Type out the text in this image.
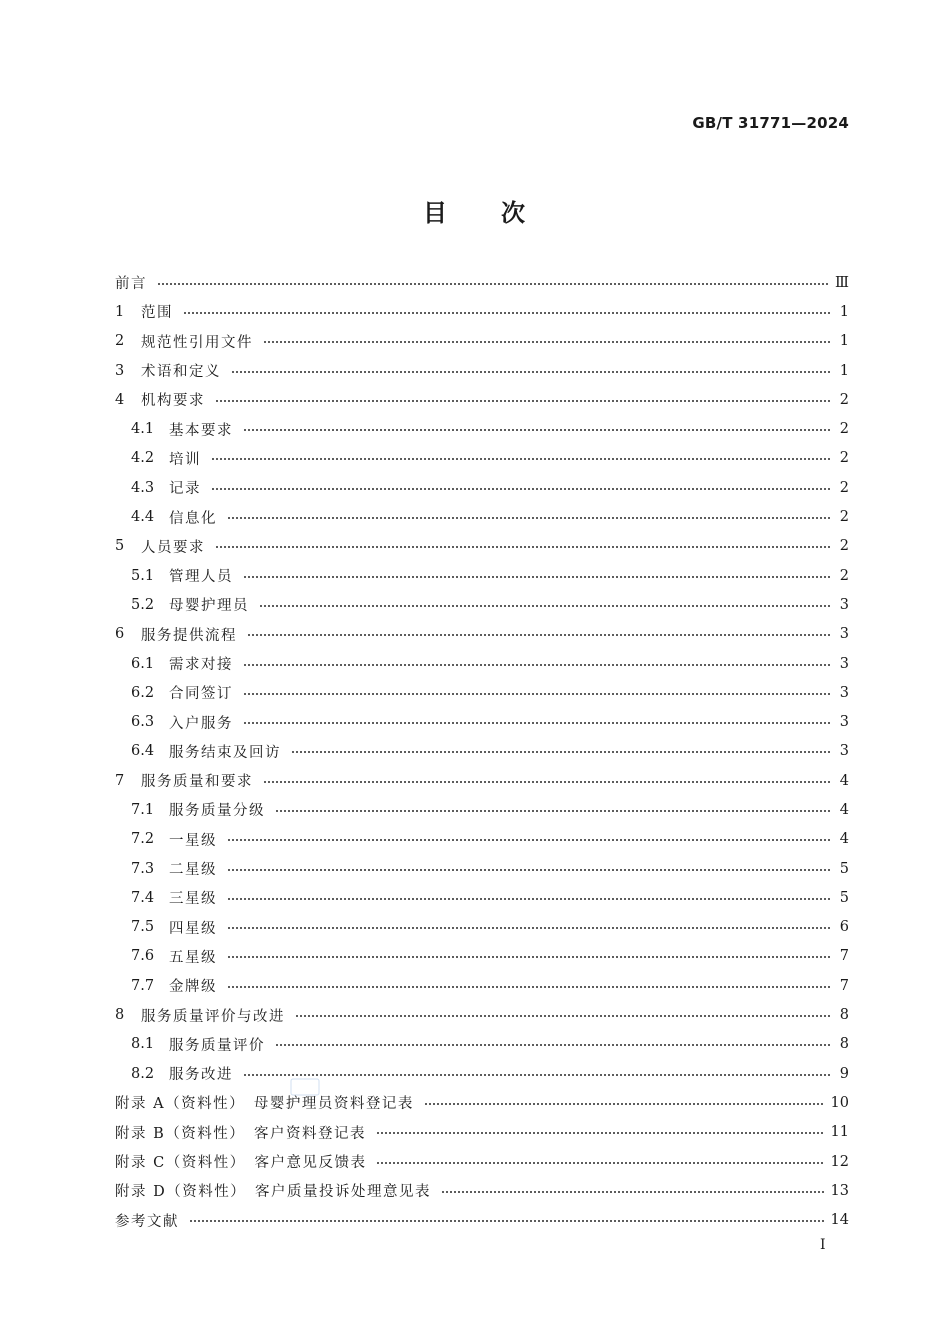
GB/T 31771—2024
目　　次
前言	Ⅲ
1	范围	1
2	规范性引用文件	1
3	术语和定义	1
4	机构要求	2
4.1	基本要求	2
4.2	培训	2
4.3	记录	2
4.4	信息化	2
5	人员要求	2
5.1	管理人员	2
5.2	母婴护理员	3
6	服务提供流程	3
6.1	需求对接	3
6.2	合同签订	3
6.3	入户服务	3
6.4	服务结束及回访	3
7	服务质量和要求	4
7.1	服务质量分级	4
7.2	一星级	4
7.3	二星级	5
7.4	三星级	5
7.5	四星级	6
7.6	五星级	7
7.7	金牌级	7
8	服务质量评价与改进	8
8.1	服务质量评价	8
8.2	服务改进	9
附录 A（资料性）　母婴护理员资料登记表	10
附录 B（资料性）　客户资料登记表	11
附录 C（资料性）　客户意见反馈表	12
附录 D（资料性）　客户质量投诉处理意见表	13
参考文献	14
I
